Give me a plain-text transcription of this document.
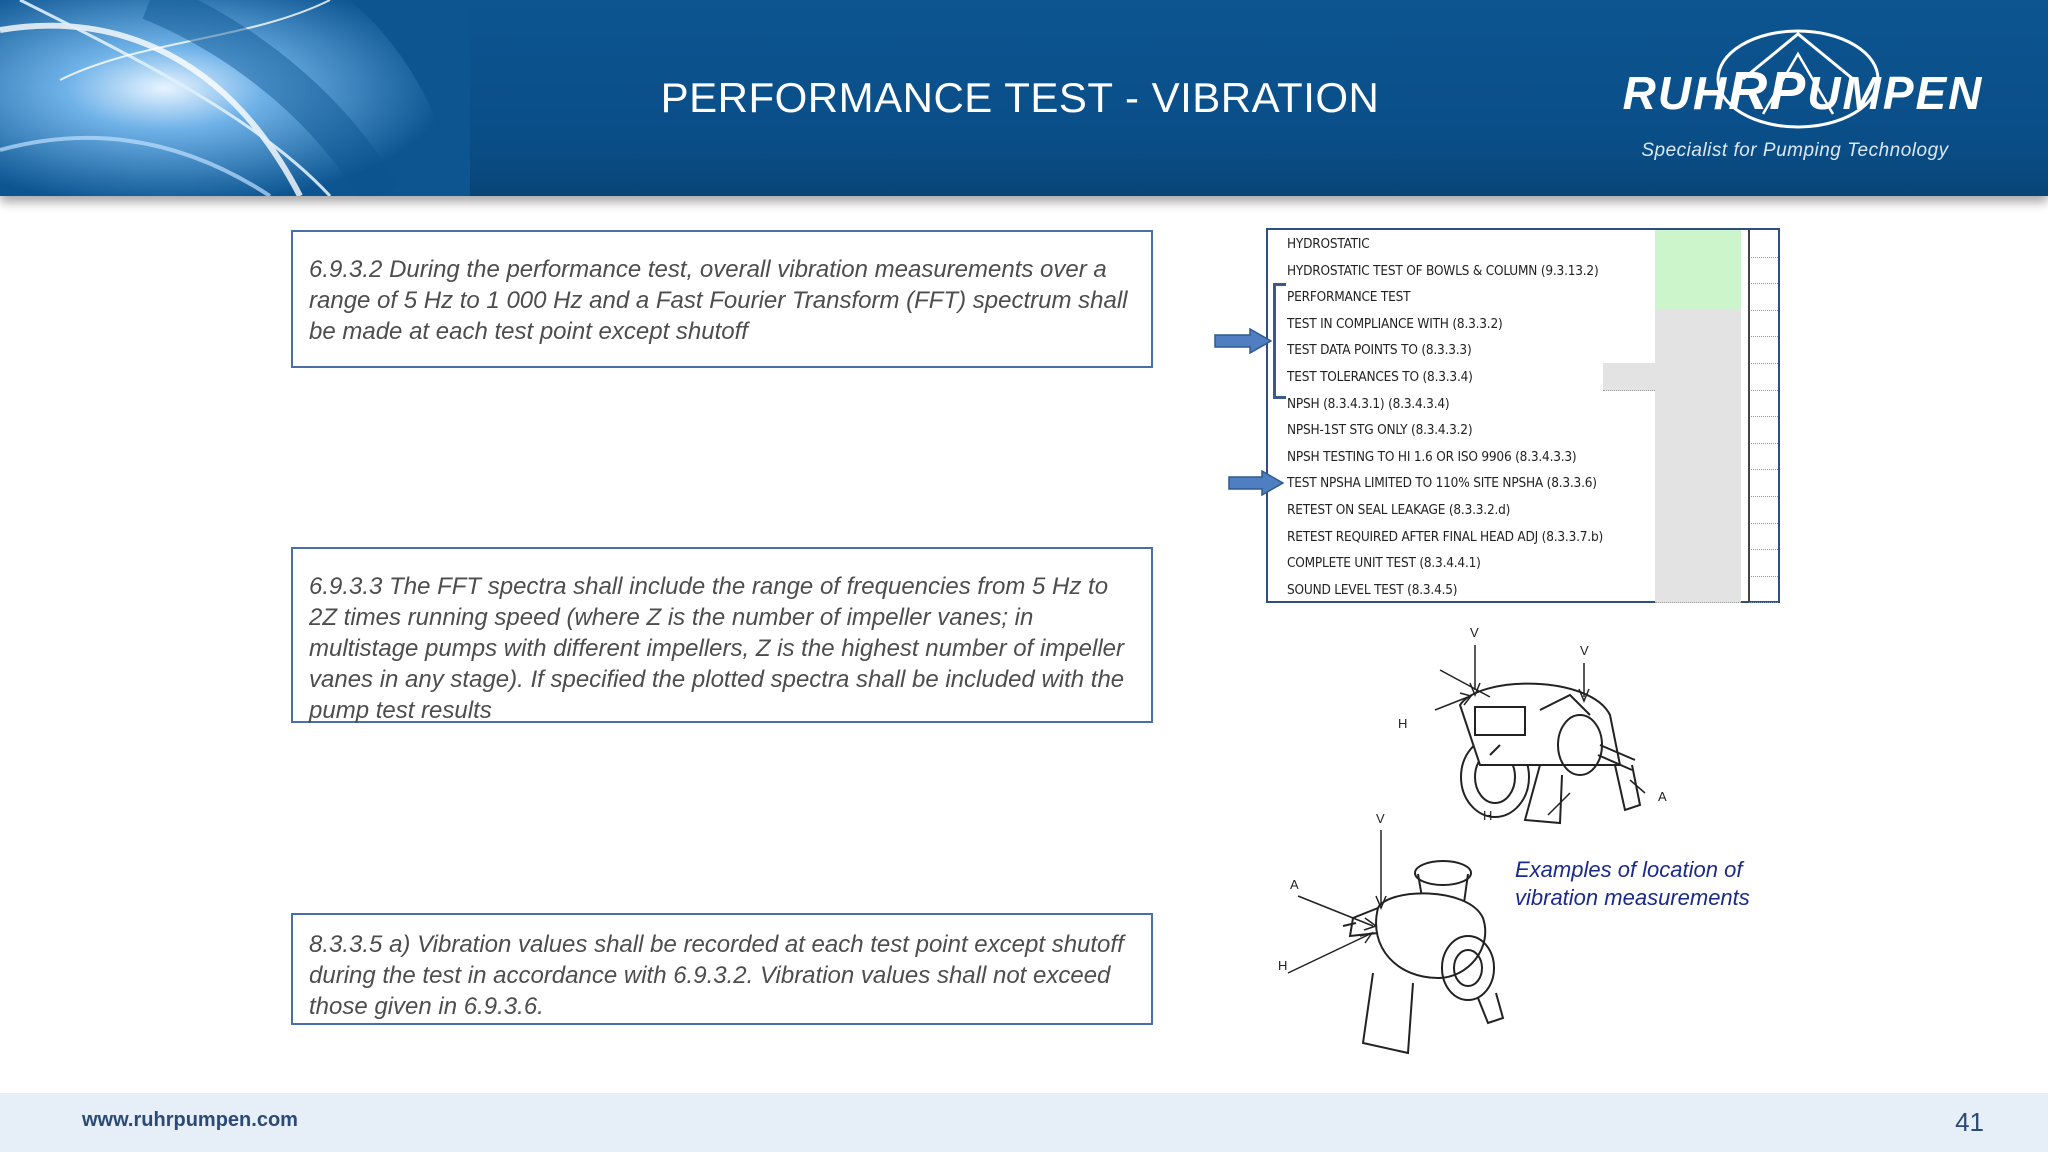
PERFORMANCE TEST - VIBRATION	RUHRPUMPEN
Specialist for Pumping Technology
6.9.3.2 During the performance test, overall vibration measurements over a range of 5 Hz to 1 000 Hz and a Fast Fourier Transform (FFT) spectrum shall be made at each test point except shutoff
6.9.3.3 The FFT spectra shall include the range of frequencies from 5 Hz to 2Z times running speed (where Z is the number of impeller vanes; in multistage pumps with different impellers, Z is the highest number of impeller vanes in any stage). If specified the plotted spectra shall be included with the pump test results
8.3.3.5 a) Vibration values shall be recorded at each test point except shutoff during the test in accordance with 6.9.3.2. Vibration values shall not exceed those given in 6.9.3.6.
HYDROSTATIC
HYDROSTATIC TEST OF BOWLS & COLUMN (9.3.13.2)
PERFORMANCE TEST
TEST IN COMPLIANCE WITH (8.3.3.2)
TEST DATA POINTS TO (8.3.3.3)
TEST TOLERANCES TO (8.3.3.4)
NPSH (8.3.4.3.1) (8.3.4.3.4)
NPSH-1ST STG ONLY (8.3.4.3.2)
NPSH TESTING TO HI 1.6 OR ISO 9906 (8.3.4.3.3)
TEST NPSHA LIMITED TO 110% SITE NPSHA (8.3.3.6)
RETEST ON SEAL LEAKAGE (8.3.3.2.d)
RETEST REQUIRED AFTER FINAL HEAD ADJ (8.3.3.7.b)
COMPLETE UNIT TEST (8.3.4.4.1)
SOUND LEVEL TEST (8.3.4.5)
V
V
H
H
A
V
A
H
Examples of location of vibration measurements
www.ruhrpumpen.com	41
